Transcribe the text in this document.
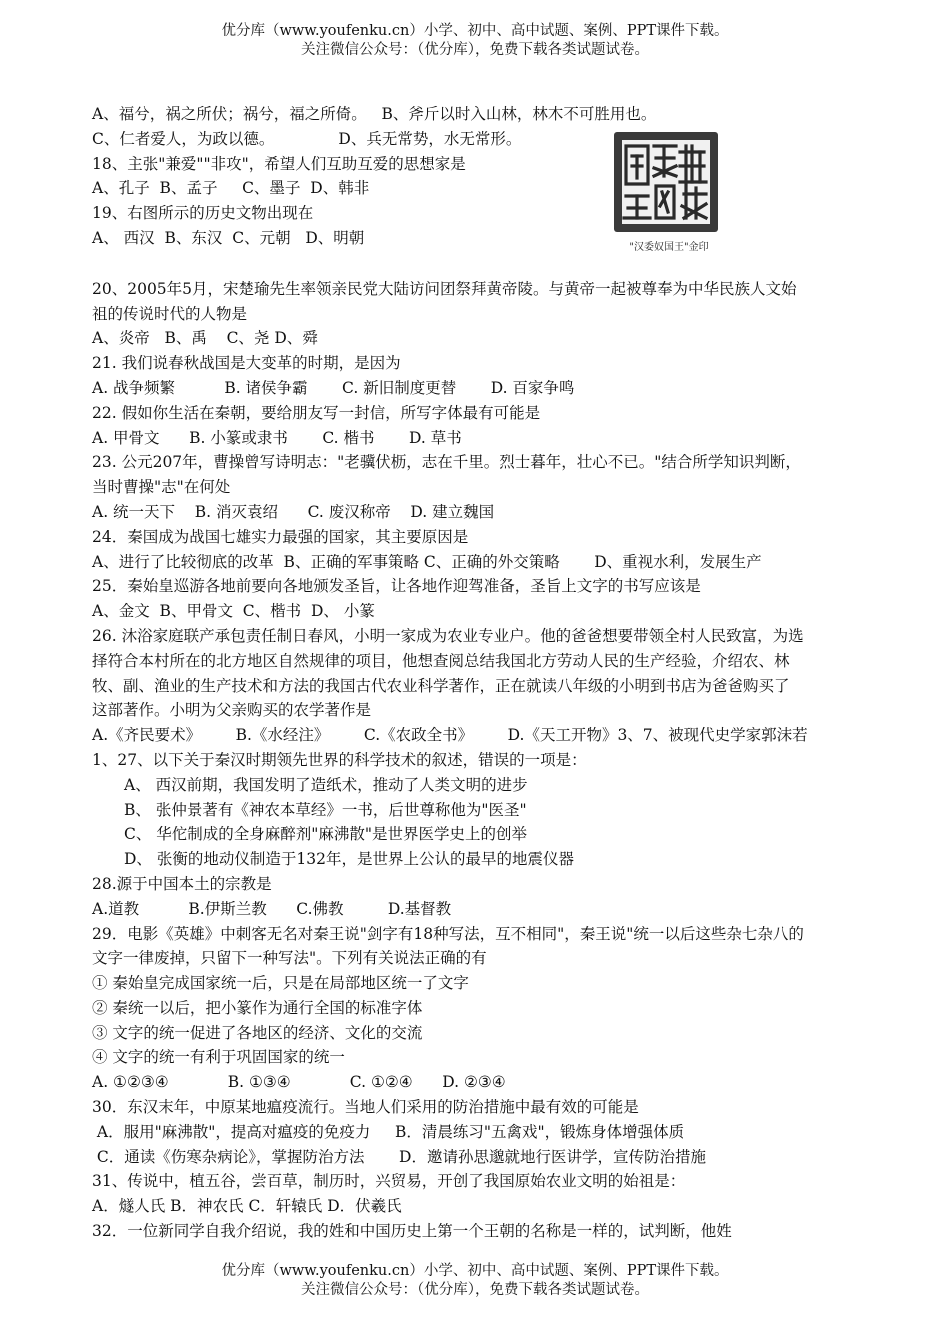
优分库（www.youfenku.cn）小学、初中、高中试题、案例、PPT课件下载。
关注微信公众号：（优分库），免费下载各类试题试卷。
A、福兮，祸之所伏；祸兮，福之所倚。   B、斧斤以时入山林，林木不可胜用也。
C、仁者爱人，为政以德。             D、兵无常势，水无常形。
18、主张"兼爱""非攻"，希望人们互助互爱的思想家是
A、孔子  B、孟子     C、墨子  D、韩非
19、右图所示的历史文物出现在
A、 西汉  B、东汉  C、元朝   D、明朝
20、2005年5月，宋楚瑜先生率领亲民党大陆访问团祭拜黄帝陵。与黄帝一起被尊奉为中华民族人文始
祖的传说时代的人物是
A、炎帝   B、禹    C、尧 D、舜
21. 我们说春秋战国是大变革的时期，是因为
A. 战争频繁          B. 诸侯争霸       C. 新旧制度更替       D. 百家争鸣
22. 假如你生活在秦朝，要给朋友写一封信，所写字体最有可能是
A. 甲骨文      B. 小篆或隶书       C. 楷书       D. 草书
23. 公元207年，曹操曾写诗明志："老骥伏枥，志在千里。烈士暮年，壮心不已。"结合所学知识判断，
当时曹操"志"在何处
A. 统一天下    B. 消灭袁绍      C. 废汉称帝    D. 建立魏国
24．秦国成为战国七雄实力最强的国家，其主要原因是
A、进行了比较彻底的改革  B、正确的军事策略 C、正确的外交策略       D、重视水利，发展生产
25．秦始皇巡游各地前要向各地颁发圣旨，让各地作迎驾准备，圣旨上文字的书写应该是
A、金文  B、甲骨文  C、楷书  D、 小篆
26. 沐浴家庭联产承包责任制日春风，小明一家成为农业专业户。他的爸爸想要带领全村人民致富，为选
择符合本村所在的北方地区自然规律的项目，他想查阅总结我国北方劳动人民的生产经验，介绍农、林
牧、副、渔业的生产技术和方法的我国古代农业科学著作，正在就读八年级的小明到书店为爸爸购买了
这部著作。小明为父亲购买的农学著作是
A.《齐民要术》       B.《水经注》       C.《农政全书》       D.《天工开物》3、7、被现代史学家郭沫若
1、27、以下关于秦汉时期领先世界的科学技术的叙述，错误的一项是：
A、 西汉前期，我国发明了造纸术，推动了人类文明的进步
B、 张仲景著有《神农本草经》一书，后世尊称他为"医圣"
C、 华佗制成的全身麻醉剂"麻沸散"是世界医学史上的创举
D、 张衡的地动仪制造于132年，是世界上公认的最早的地震仪器
28.源于中国本土的宗教是
A.道教          B.伊斯兰教      C.佛教         D.基督教
29．电影《英雄》中刺客无名对秦王说"剑字有18种写法，互不相同"，秦王说"统一以后这些杂七杂八的
文字一律废掉，只留下一种写法"。下列有关说法正确的有
① 秦始皇完成国家统一后，只是在局部地区统一了文字
② 秦统一以后，把小篆作为通行全国的标准字体
③ 文字的统一促进了各地区的经济、文化的交流
④ 文字的统一有利于巩固国家的统一
A. ①②③④            B. ①③④            C. ①②④      D. ②③④
30．东汉末年，中原某地瘟疫流行。当地人们采用的防治措施中最有效的可能是
A．服用"麻沸散"，提高对瘟疫的免疫力     B．清晨练习"五禽戏"，锻炼身体增强体质
C．通读《伤寒杂病论》，掌握防治方法       D．邀请孙思邈就地行医讲学，宣传防治措施
31、传说中，植五谷，尝百草，制历时，兴贸易，开创了我国原始农业文明的始祖是：
A．燧人氏 B．神农氏 C．轩辕氏 D．伏羲氏
32．一位新同学自我介绍说，我的姓和中国历史上第一个王朝的名称是一样的，试判断，他姓
"汉委奴国王"金印
优分库（www.youfenku.cn）小学、初中、高中试题、案例、PPT课件下载。
关注微信公众号：（优分库），免费下载各类试题试卷。
